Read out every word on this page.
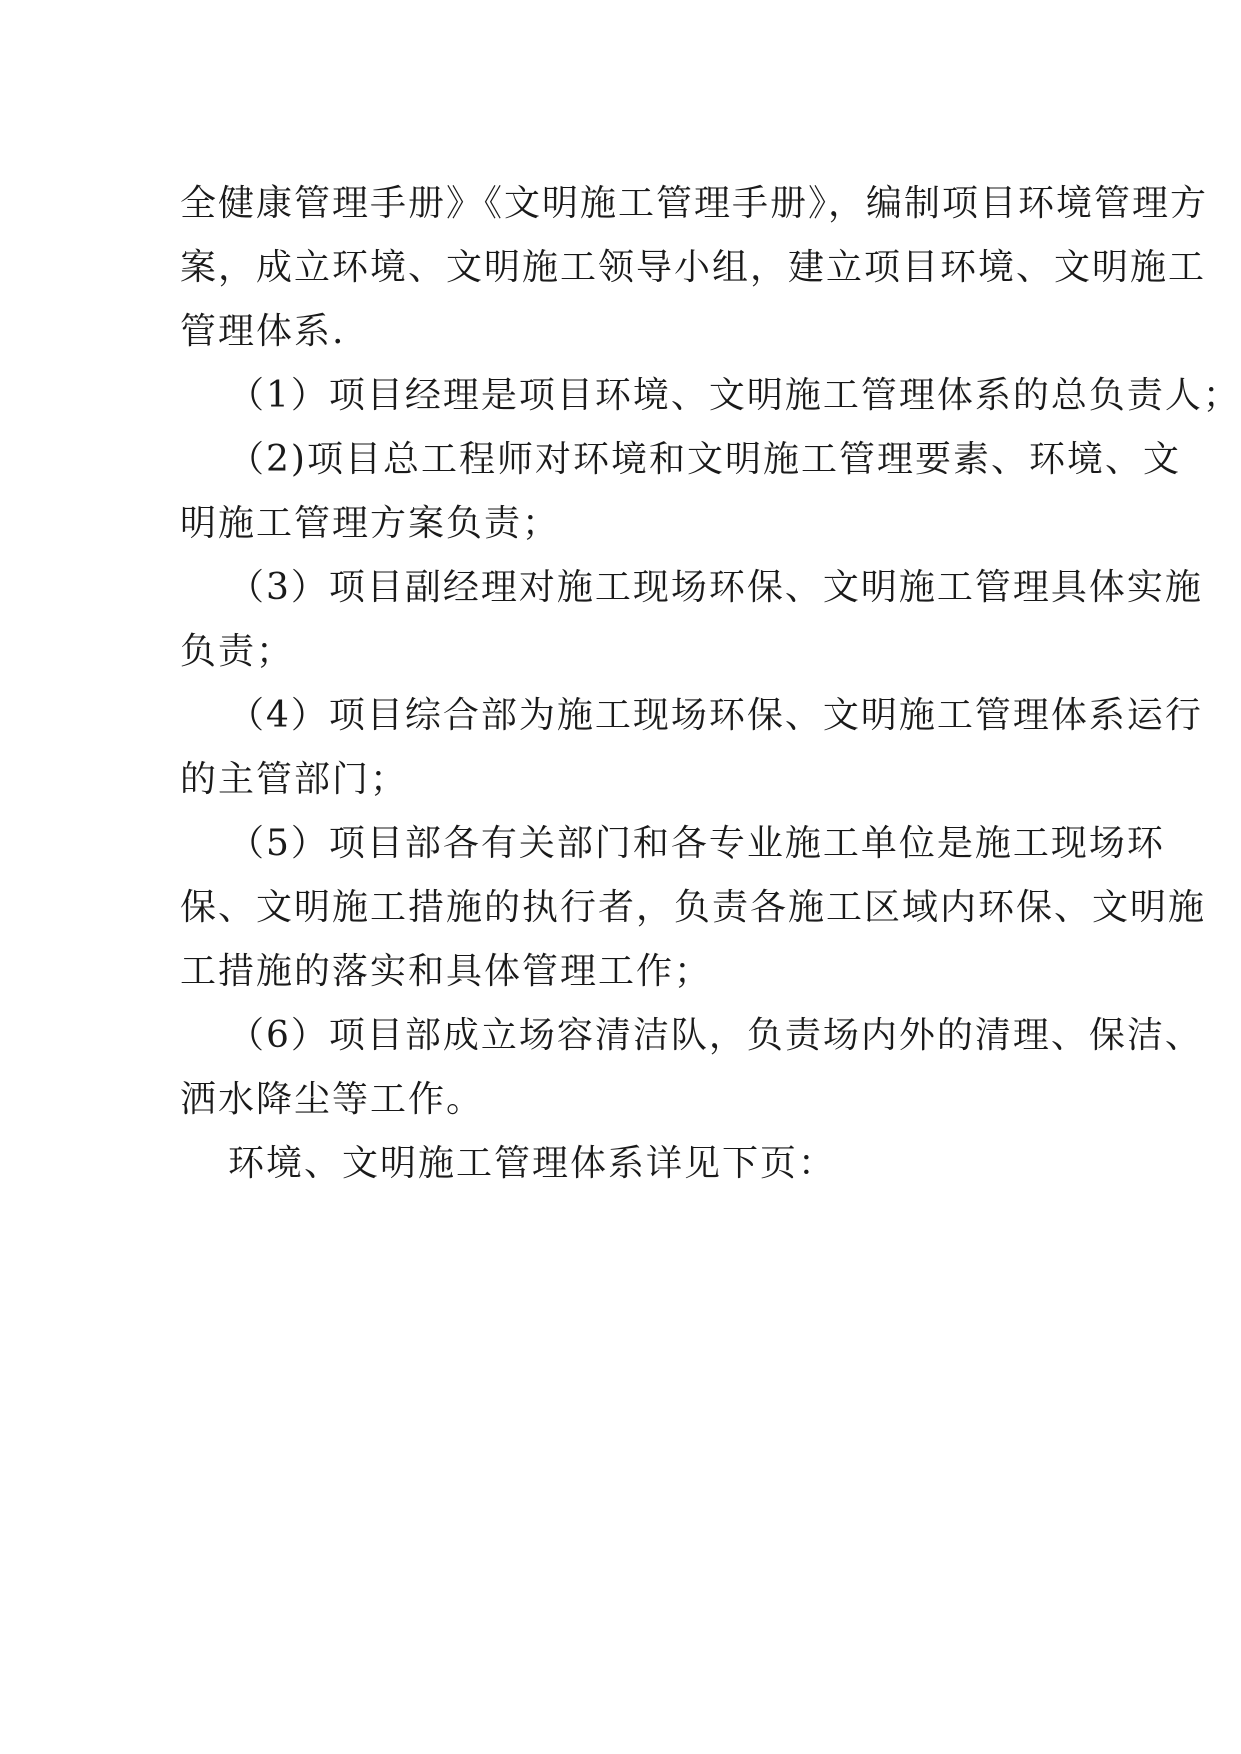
全健康管理手册》《文明施工管理手册》，编制项目环境管理方
案，成立环境、文明施工领导小组，建立项目环境、文明施工
管理体系.
（1）项目经理是项目环境、文明施工管理体系的总负责人；
（2)项目总工程师对环境和文明施工管理要素、环境、文
明施工管理方案负责；
（3）项目副经理对施工现场环保、文明施工管理具体实施
负责；
（4）项目综合部为施工现场环保、文明施工管理体系运行
的主管部门；
（5）项目部各有关部门和各专业施工单位是施工现场环
保、文明施工措施的执行者，负责各施工区域内环保、文明施
工措施的落实和具体管理工作；
（6）项目部成立场容清洁队，负责场内外的清理、保洁、
洒水降尘等工作。
环境、文明施工管理体系详见下页：
